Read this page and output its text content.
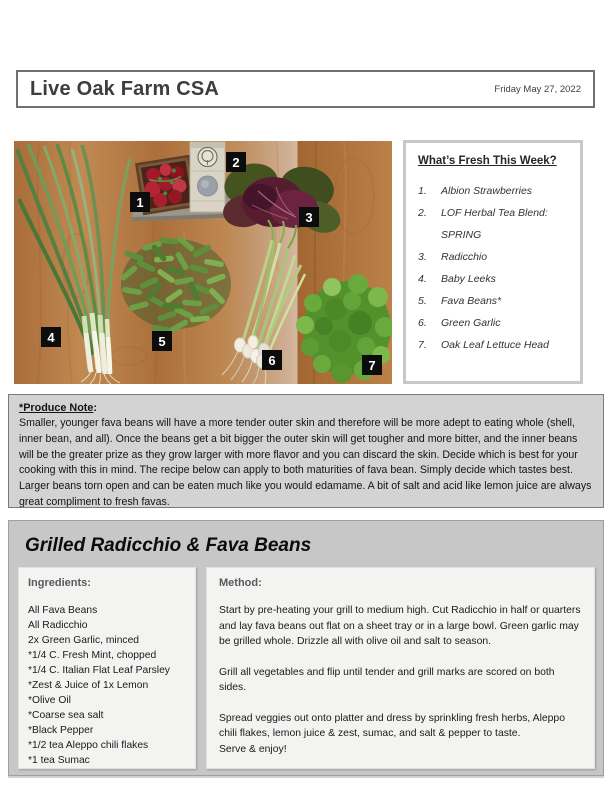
Live Oak Farm CSA	Friday May 27, 2022
1
2
3
4	5
6	7
What’s Fresh This Week?
Albion Strawberries
LOF Herbal Tea Blend: SPRING
Radicchio
Baby Leeks
Fava Beans*
Green Garlic
Oak Leaf Lettuce Head
*Produce Note:
Smaller, younger fava beans will have a more tender outer skin and therefore will be more adept to eating whole (shell, inner bean, and all). Once the beans get a bit bigger the outer skin will get tougher and more bitter, and the inner beans will be the greater prize as they grow larger with more flavor and you can discard the skin. Decide which is best for your cooking with this in mind. The recipe below can apply to both maturities of fava bean. Simply decide which tastes best. Larger beans torn open and can be eaten much like you would edamame. A bit of salt and acid like lemon juice are always great compliment to fresh favas.
Grilled Radicchio & Fava Beans
Ingredients:
All Fava Beans
All Radicchio
2x Green Garlic, minced
*1/4 C. Fresh Mint, chopped
*1/4 C. Italian Flat Leaf Parsley
*Zest & Juice of 1x Lemon
*Olive Oil
*Coarse sea salt
*Black Pepper
*1/2 tea Aleppo chili flakes
*1 tea Sumac
Method:

Start by pre-heating your grill to medium high. Cut Radicchio in half or quarters and lay fava beans out flat on a sheet tray or in a large bowl. Green garlic may be grilled whole. Drizzle all with olive oil and salt to season.

Grill all vegetables and flip until tender and grill marks are scored on both sides.

Spread veggies out onto platter and dress by sprinkling fresh herbs, Aleppo chili flakes, lemon juice & zest, sumac, and salt & pepper to taste.

Serve & enjoy!
